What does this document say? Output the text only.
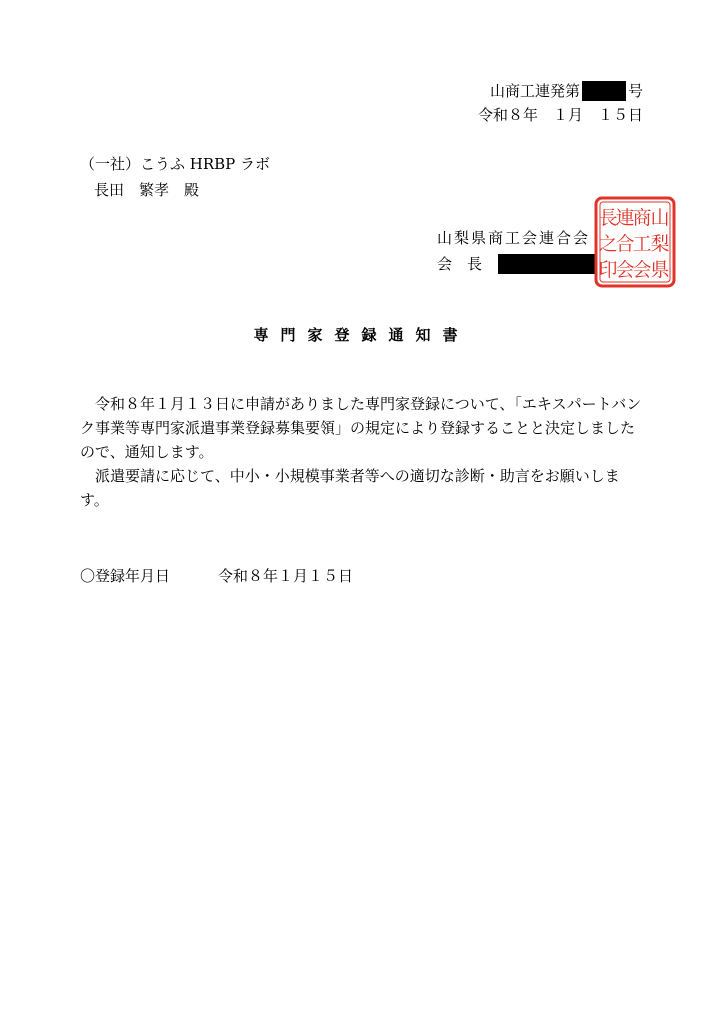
山商工連発第	号
令和８年　１月　１５日
（一社）こうふ HRBP ラボ
長田　繁孝　殿
山梨県商工会連合会
会　長
山
梨
県
商
工
会
連
合
会
長
之
印
専門家登録通知書

令和８年１月１３日に申請がありました専門家登録について、「エキスパートバンク事業等専門家派遣事業登録募集要領」の規定により登録することと決定しましたので、通知します。

派遣要請に応じて、中小・小規模事業者等への適切な診断・助言をお願いします。

〇登録年月日	令和８年１月１５日
